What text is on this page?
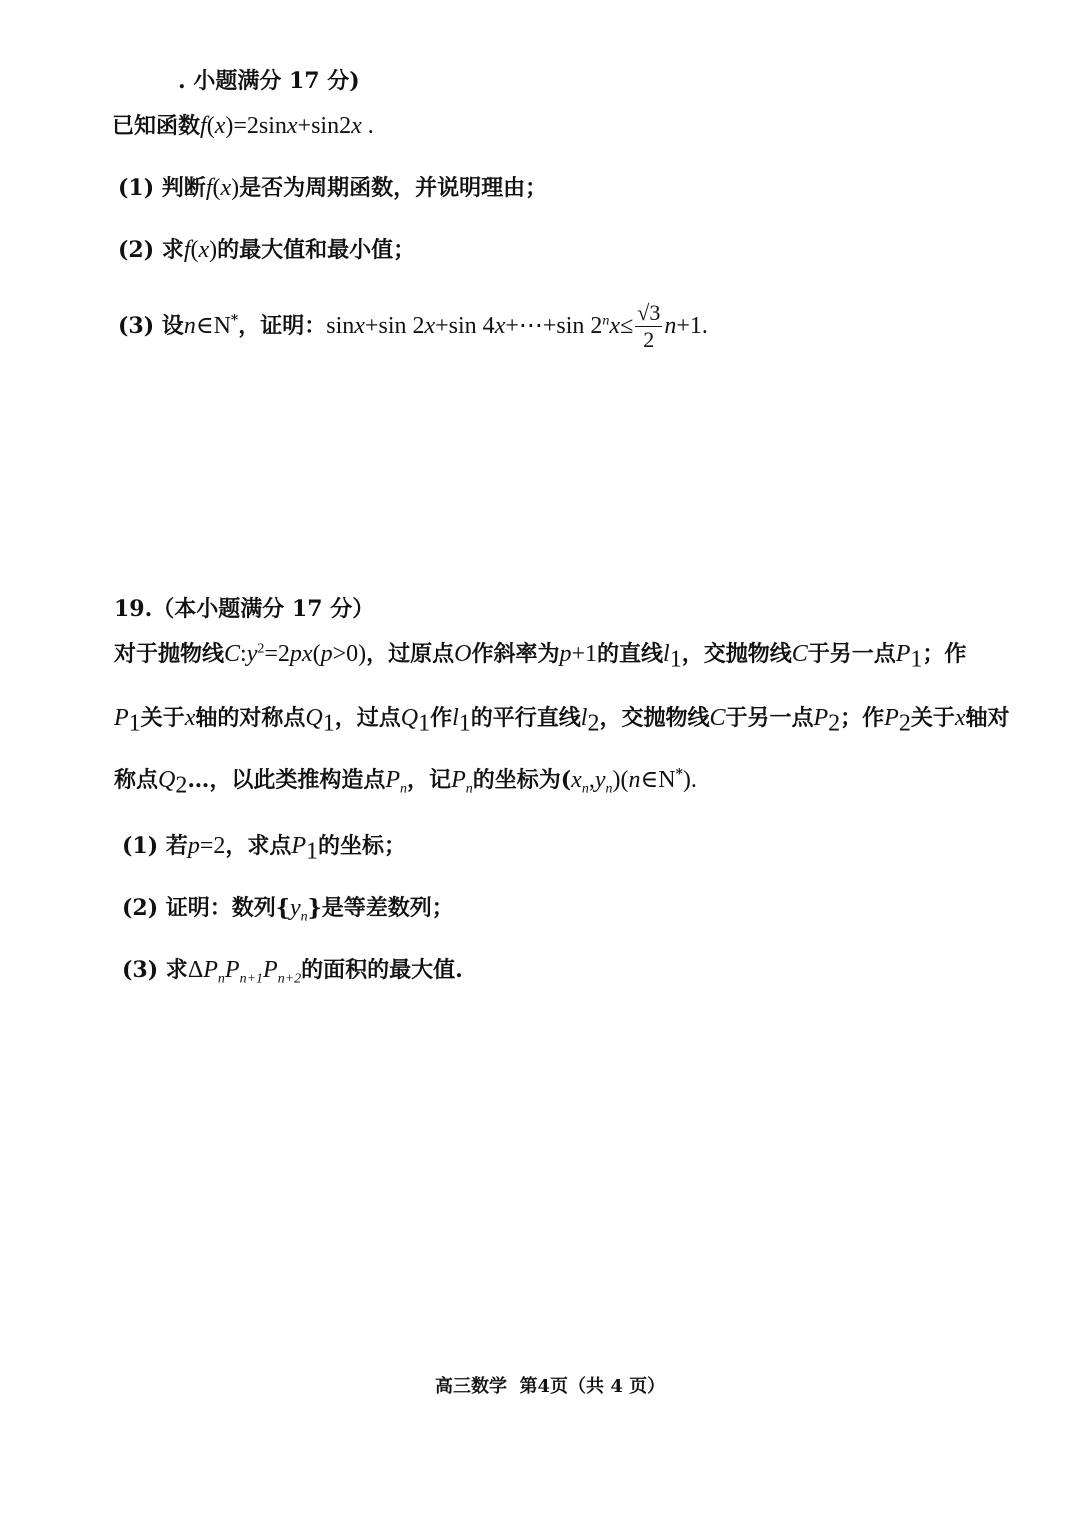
. 小题满分 17 分)
已知函数f(x)=2sinx+sin2x .
(1) 判断f(x)是否为周期函数，并说明理由；
(2) 求f(x)的最大值和最小值；
(3) 设n∈N*，证明：sinx+sin 2x+sin 4x+⋯+sin $2^nx\le \frac{√3}{2} n+1$.
19.（本小题满分 17 分）
对于抛物线$C:y^2=2px(p>0)$，过原点O作斜率为p+1的直线$l_1$，交抛物线C于另一点$P_1$；作
$P_1$关于x轴的对称点$Q_1$，过点$Q_1$作$l_1$的平行直线$l_2$，交抛物线C于另一点$P_2$；作$P_2$关于x轴对
称点$Q_2\dots$，以此类推构造点$P_n$，记$P_n$的坐标为$(x_n,y_n)(n\in N^*)$.
(1) 若p=2，求点$P_1$的坐标；
(2) 证明：数列$\{y_n\}$是等差数列；
(3) 求$\Delta P_nP_{n+1}P_{n+2}$的面积的最大值.
高三数学  第4页（共 4 页）
